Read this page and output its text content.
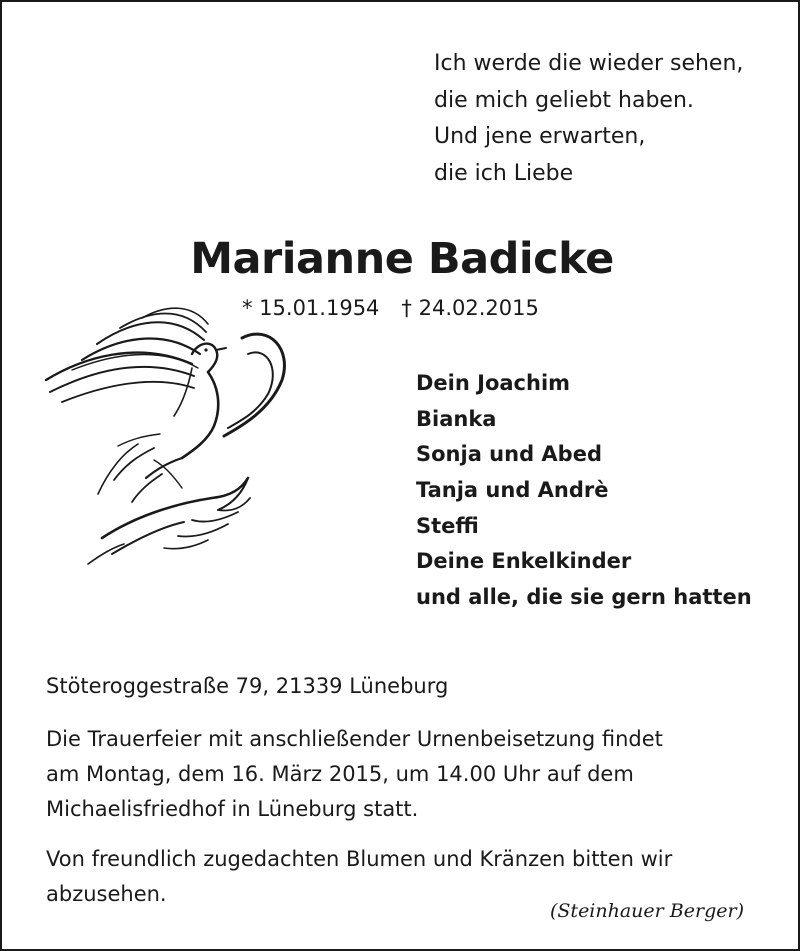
Ich werde die wieder sehen,
die mich geliebt haben.
Und jene erwarten,
die ich Liebe
Marianne Badicke
* 15.01.1954 † 24.02.2015
Dein Joachim
Bianka
Sonja und Abed
Tanja und Andrè
Steffi
Deine Enkelkinder
und alle, die sie gern hatten
Stöteroggestraße 79, 21339 Lüneburg
Die Trauerfeier mit anschließender Urnenbeisetzung findet
am Montag, dem 16. März 2015, um 14.00 Uhr auf dem
Michaelisfriedhof in Lüneburg statt.
Von freundlich zugedachten Blumen und Kränzen bitten wir
abzusehen.
(Steinhauer Berger)
